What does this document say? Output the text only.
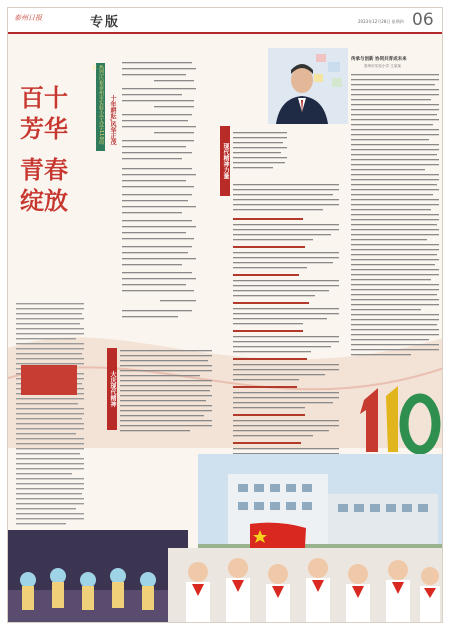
泰州日报	专版	2023年12月28日 星期四 06
百十芳华
青春绽放

热烈庆祝泰州市实验小学办学110周年
十年耕耘,风华正茂
大庆现代精神
现代精神力量
传承与创新 协同共育成未来
泰州市实验小学 王某某
